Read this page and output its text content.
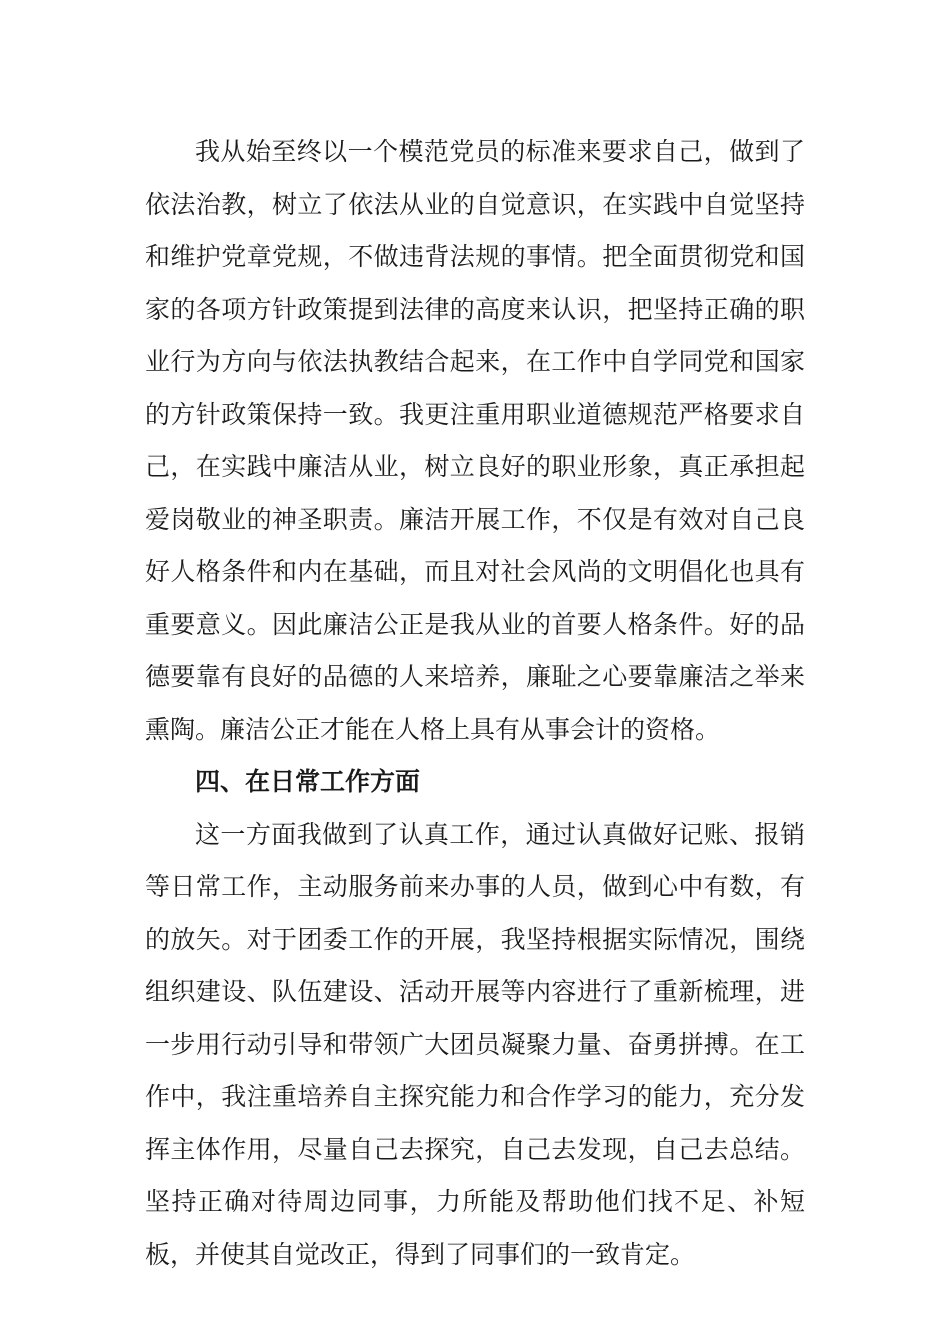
我从始至终以一个模范党员的标准来要求自己，做到了依法治教，树立了依法从业的自觉意识，在实践中自觉坚持和维护党章党规，不做违背法规的事情。把全面贯彻党和国家的各项方针政策提到法律的高度来认识，把坚持正确的职业行为方向与依法执教结合起来，在工作中自学同党和国家的方针政策保持一致。我更注重用职业道德规范严格要求自己，在实践中廉洁从业，树立良好的职业形象，真正承担起爱岗敬业的神圣职责。廉洁开展工作，不仅是有效对自己良好人格条件和内在基础，而且对社会风尚的文明倡化也具有重要意义。因此廉洁公正是我从业的首要人格条件。好的品德要靠有良好的品德的人来培养，廉耻之心要靠廉洁之举来熏陶。廉洁公正才能在人格上具有从事会计的资格。

四、在日常工作方面

这一方面我做到了认真工作，通过认真做好记账、报销等日常工作，主动服务前来办事的人员，做到心中有数，有的放矢。对于团委工作的开展，我坚持根据实际情况，围绕组织建设、队伍建设、活动开展等内容进行了重新梳理，进一步用行动引导和带领广大团员凝聚力量、奋勇拼搏。在工作中，我注重培养自主探究能力和合作学习的能力，充分发挥主体作用，尽量自己去探究，自己去发现，自己去总结。坚持正确对待周边同事，力所能及帮助他们找不足、补短板，并使其自觉改正，得到了同事们的一致肯定。
